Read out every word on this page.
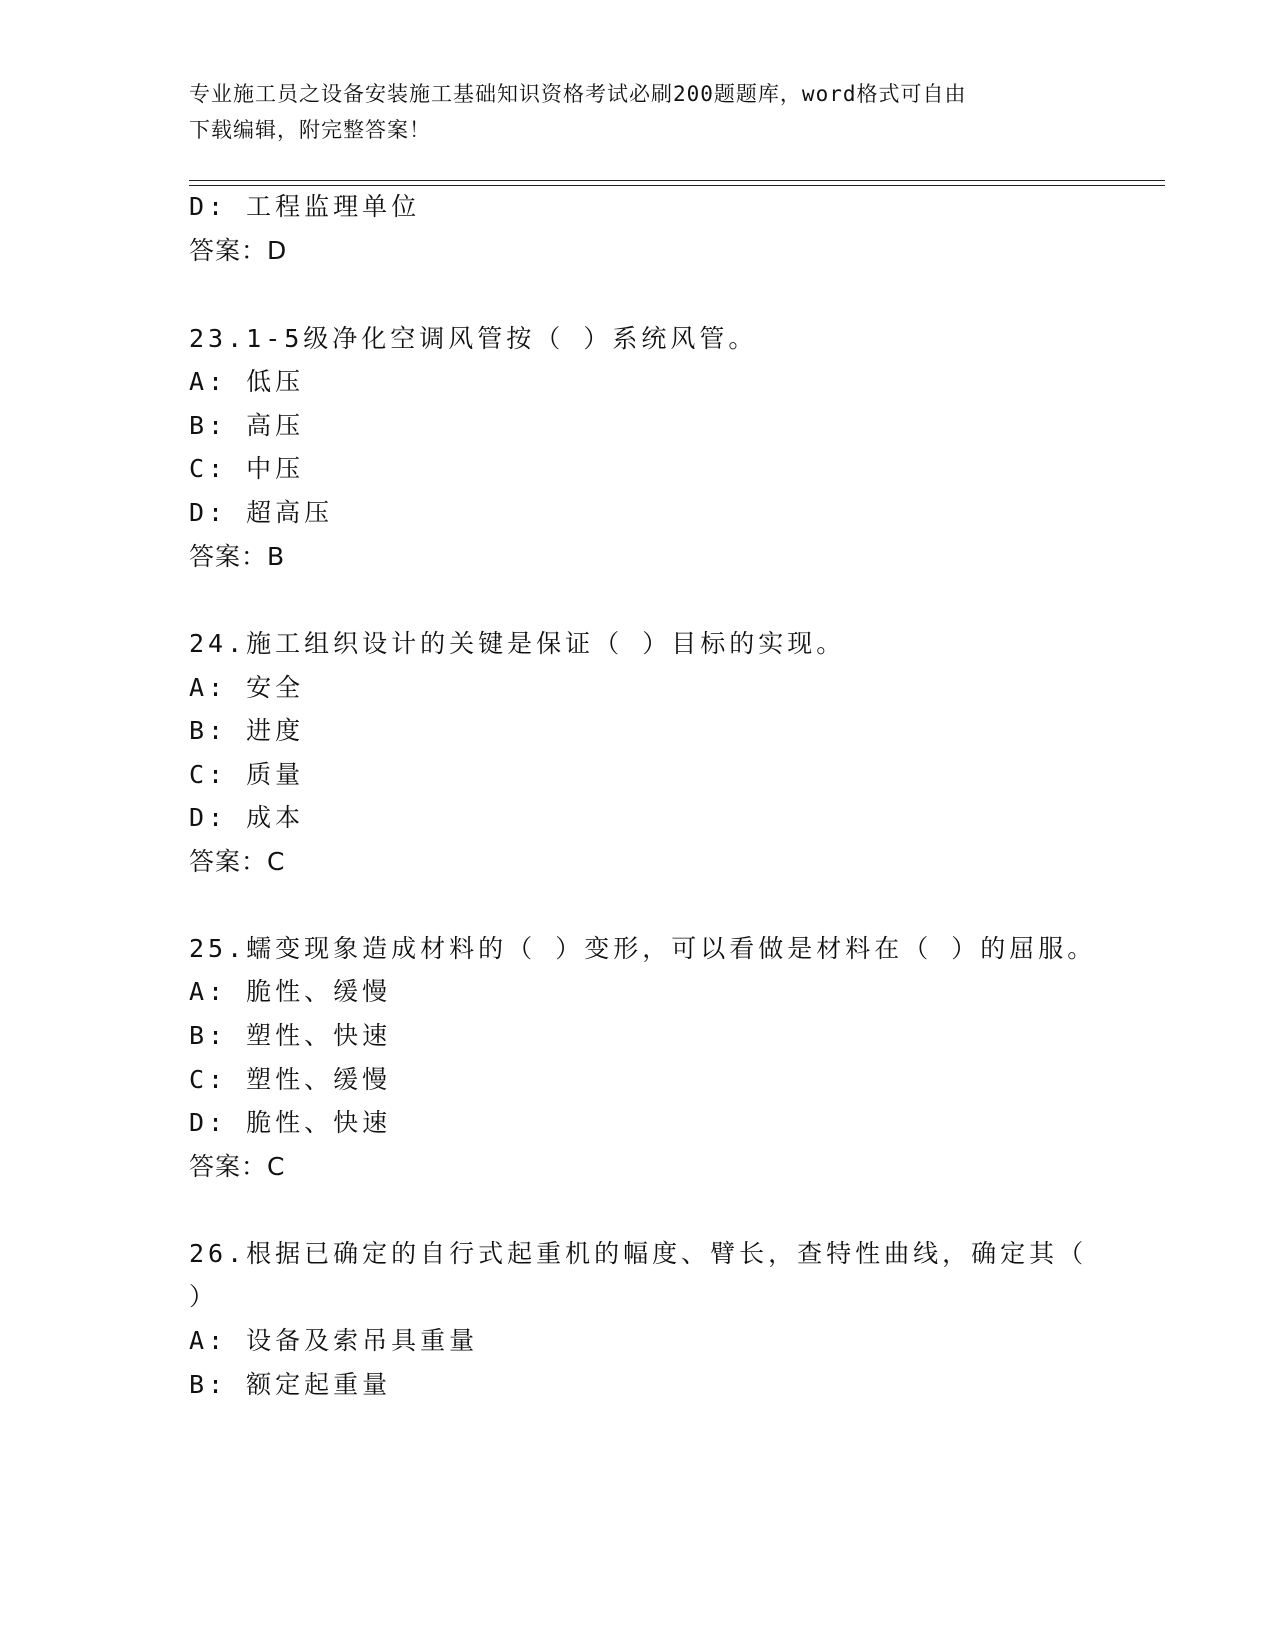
专业施工员之设备安装施工基础知识资格考试必刷200题题库，word格式可自由
下载编辑，附完整答案！
D: 工程监理单位
答案：D
23.1-5级净化空调风管按（ ）系统风管。
A: 低压
B: 高压
C: 中压
D: 超高压
答案：B
24.施工组织设计的关键是保证（ ）目标的实现。
A: 安全
B: 进度
C: 质量
D: 成本
答案：C
25.蠕变现象造成材料的（ ）变形，可以看做是材料在（ ）的屈服。
A: 脆性、缓慢
B: 塑性、快速
C: 塑性、缓慢
D: 脆性、快速
答案：C
26.根据已确定的自行式起重机的幅度、臂长，查特性曲线，确定其（
）
A: 设备及索吊具重量
B: 额定起重量
